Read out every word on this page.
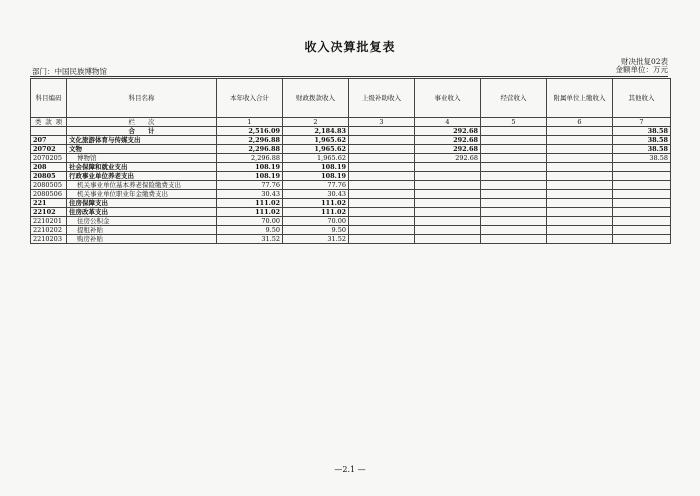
收入决算批复表
财决批复02表
金额单位：万元
部门：中国民族博物馆
科目编码	科目名称	本年收入合计	财政拨款收入	上级补助收入	事业收入	经营收入	附属单位上缴收入	其他收入

类 款 项	栏　　次	1	2	3	4	5	6	7
	合　　计	2,516.09	2,184.83		292.68			38.58
207	文化旅游体育与传媒支出	2,296.88	1,965.62		292.68			38.58
20702	文物	2,296.88	1,965.62		292.68			38.58
2070205	博物馆	2,296.88	1,965.62		292.68			38.58
208	社会保障和就业支出	108.19	108.19					
20805	行政事业单位养老支出	108.19	108.19					
2080505	机关事业单位基本养老保险缴费支出	77.76	77.76					
2080506	机关事业单位职业年金缴费支出	30.43	30.43					
221	住房保障支出	111.02	111.02					
22102	住房改革支出	111.02	111.02					
2210201	住房公积金	70.00	70.00					
2210202	提租补贴	9.50	9.50					
2210203	购房补贴	31.52	31.52					
—2.1 —
